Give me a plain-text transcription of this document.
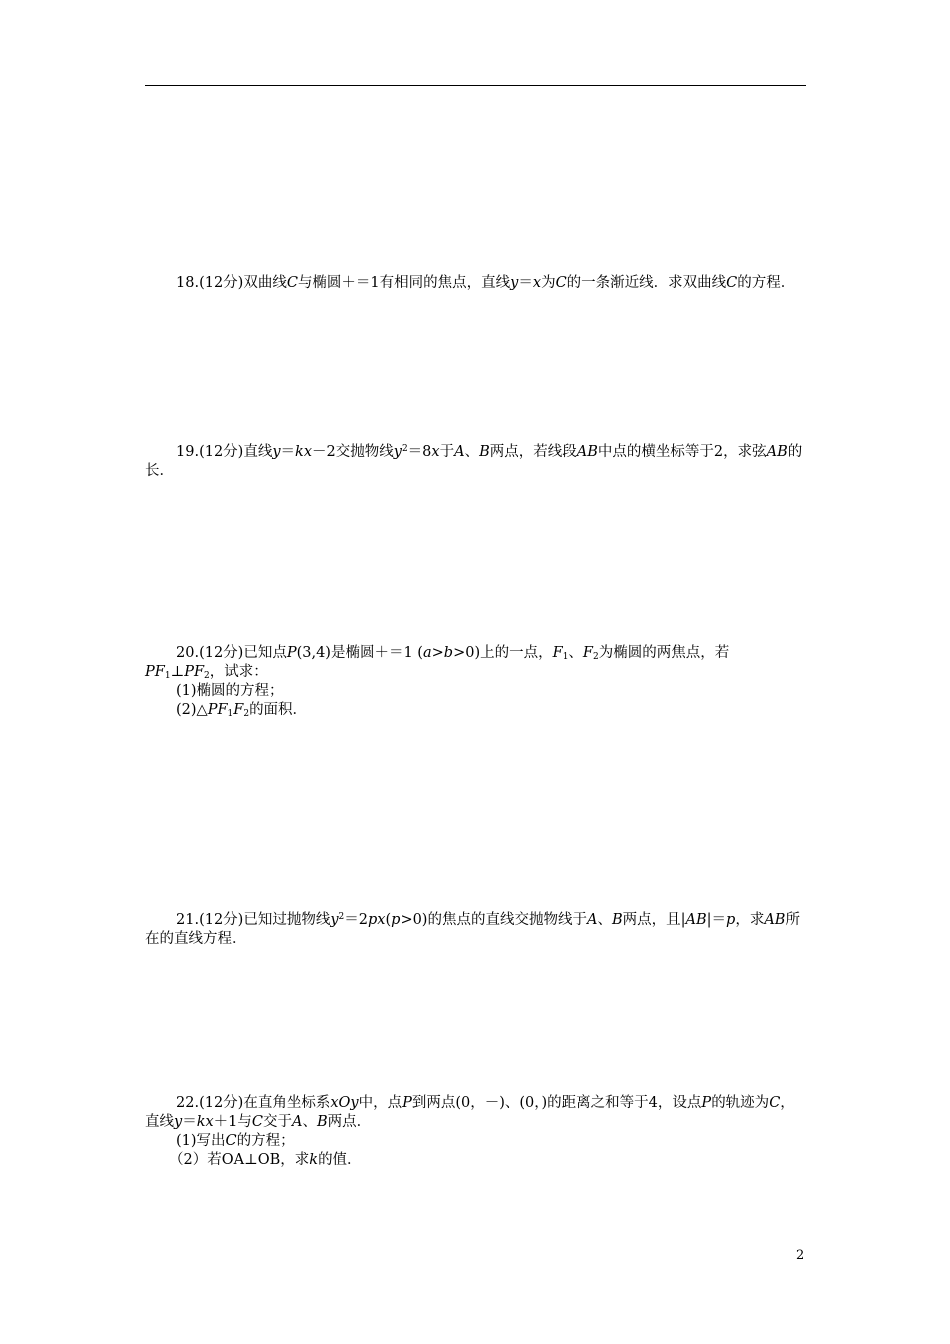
18.(12分)双曲线C与椭圆＋＝1有相同的焦点，直线y＝x为C的一条渐近线．求双曲线C的方程．

19.(12分)直线y＝kx－2交抛物线$y^2=8x$于A、B两点，若线段AB中点的横坐标等于2，求弦AB的长．

20.(12分)已知点P(3,4)是椭圆＋＝1 (a>b>0)上的一点，$F_1$、$F_2$为椭圆的两焦点，若$PF_1\perp PF_2$，试求：

(1)椭圆的方程；

$(2)\triangle PF_1F_2$的面积．

21.(12分)已知过抛物线$y^2=2px(p>0)$的焦点的直线交抛物线于A、B两点，且|AB|＝p，求AB所在的直线方程．

22.(12分)在直角坐标系xOy中，点P到两点(0，－)、(0，)的距离之和等于4，设点P的轨迹为C，直线y＝kx＋1与C交于A、B两点．

(1)写出C的方程；

（2）若OA⊥OB，求k的值．

2
